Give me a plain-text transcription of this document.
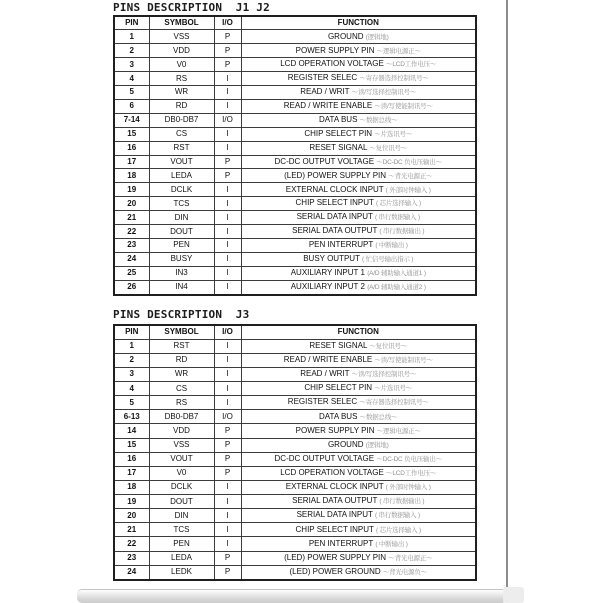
PINS DESCRIPTION  J1 J2
PIN	SYMBOL	I/O	FUNCTION
1	VSS	P	GROUND (逻辑地)
2	VDD	P	POWER SUPPLY PIN ～逻辑电源正～
3	V0	P	LCD OPERATION VOLTAGE ～LCD工作电压～
4	RS	I	REGISTER SELEC ～寄存器选择控制讯号～
5	WR	I	READ / WRIT ～读/写选择控制讯号～
6	RD	I	READ / WRITE ENABLE ～读/写使能制讯号～
7-14	DB0-DB7	I/O	DATA BUS ～数据总线～
15	CS	I	CHIP SELECT PIN ～片选讯号～
16	RST	I	RESET SIGNAL ～复位讯号～
17	VOUT	P	DC-DC OUTPUT VOLTAGE ～DC-DC 负电压输出～
18	LEDA	P	(LED) POWER SUPPLY PIN ～背光电源正～
19	DCLK	I	EXTERNAL CLOCK INPUT ( 外部时钟输入 )
20	TCS	I	CHIP SELECT INPUT ( 芯片选择输入 )
21	DIN	I	SERIAL DATA INPUT ( 串行数据输入 )
22	DOUT	I	SERIAL DATA OUTPUT ( 串行数据输出 )
23	PEN	I	PEN INTERRUPT ( 中断输出 )
24	BUSY	I	BUSY OUTPUT ( 忙信号输出指示 )
25	IN3	I	AUXILIARY INPUT 1 (A/D 辅助输入通道1 )
26	IN4	I	AUXILIARY INPUT 2 (A/D 辅助输入通道2 )
PINS DESCRIPTION  J3
PIN	SYMBOL	I/O	FUNCTION
1	RST	I	RESET SIGNAL ～复位讯号～
2	RD	I	READ / WRITE ENABLE ～读/写使能制讯号～
3	WR	I	READ / WRIT ～读/写选择控制讯号～
4	CS	I	CHIP SELECT PIN ～片选讯号～
5	RS	I	REGISTER SELEC ～寄存器选择控制讯号～
6-13	DB0-DB7	I/O	DATA BUS ～数据总线～
14	VDD	P	POWER SUPPLY PIN ～逻辑电源正～
15	VSS	P	GROUND (逻辑地)
16	VOUT	P	DC-DC OUTPUT VOLTAGE ～DC-DC 负电压输出～
17	V0	P	LCD OPERATION VOLTAGE ～LCD工作电压～
18	DCLK	I	EXTERNAL CLOCK INPUT ( 外部时钟输入 )
19	DOUT	I	SERIAL DATA OUTPUT ( 串行数据输出 )
20	DIN	I	SERIAL DATA INPUT ( 串行数据输入 )
21	TCS	I	CHIP SELECT INPUT ( 芯片选择输入 )
22	PEN	I	PEN INTERRUPT ( 中断输出 )
23	LEDA	P	(LED) POWER SUPPLY PIN ～背光电源正～
24	LEDK	P	(LED) POWER GROUND ～背光电源负～
